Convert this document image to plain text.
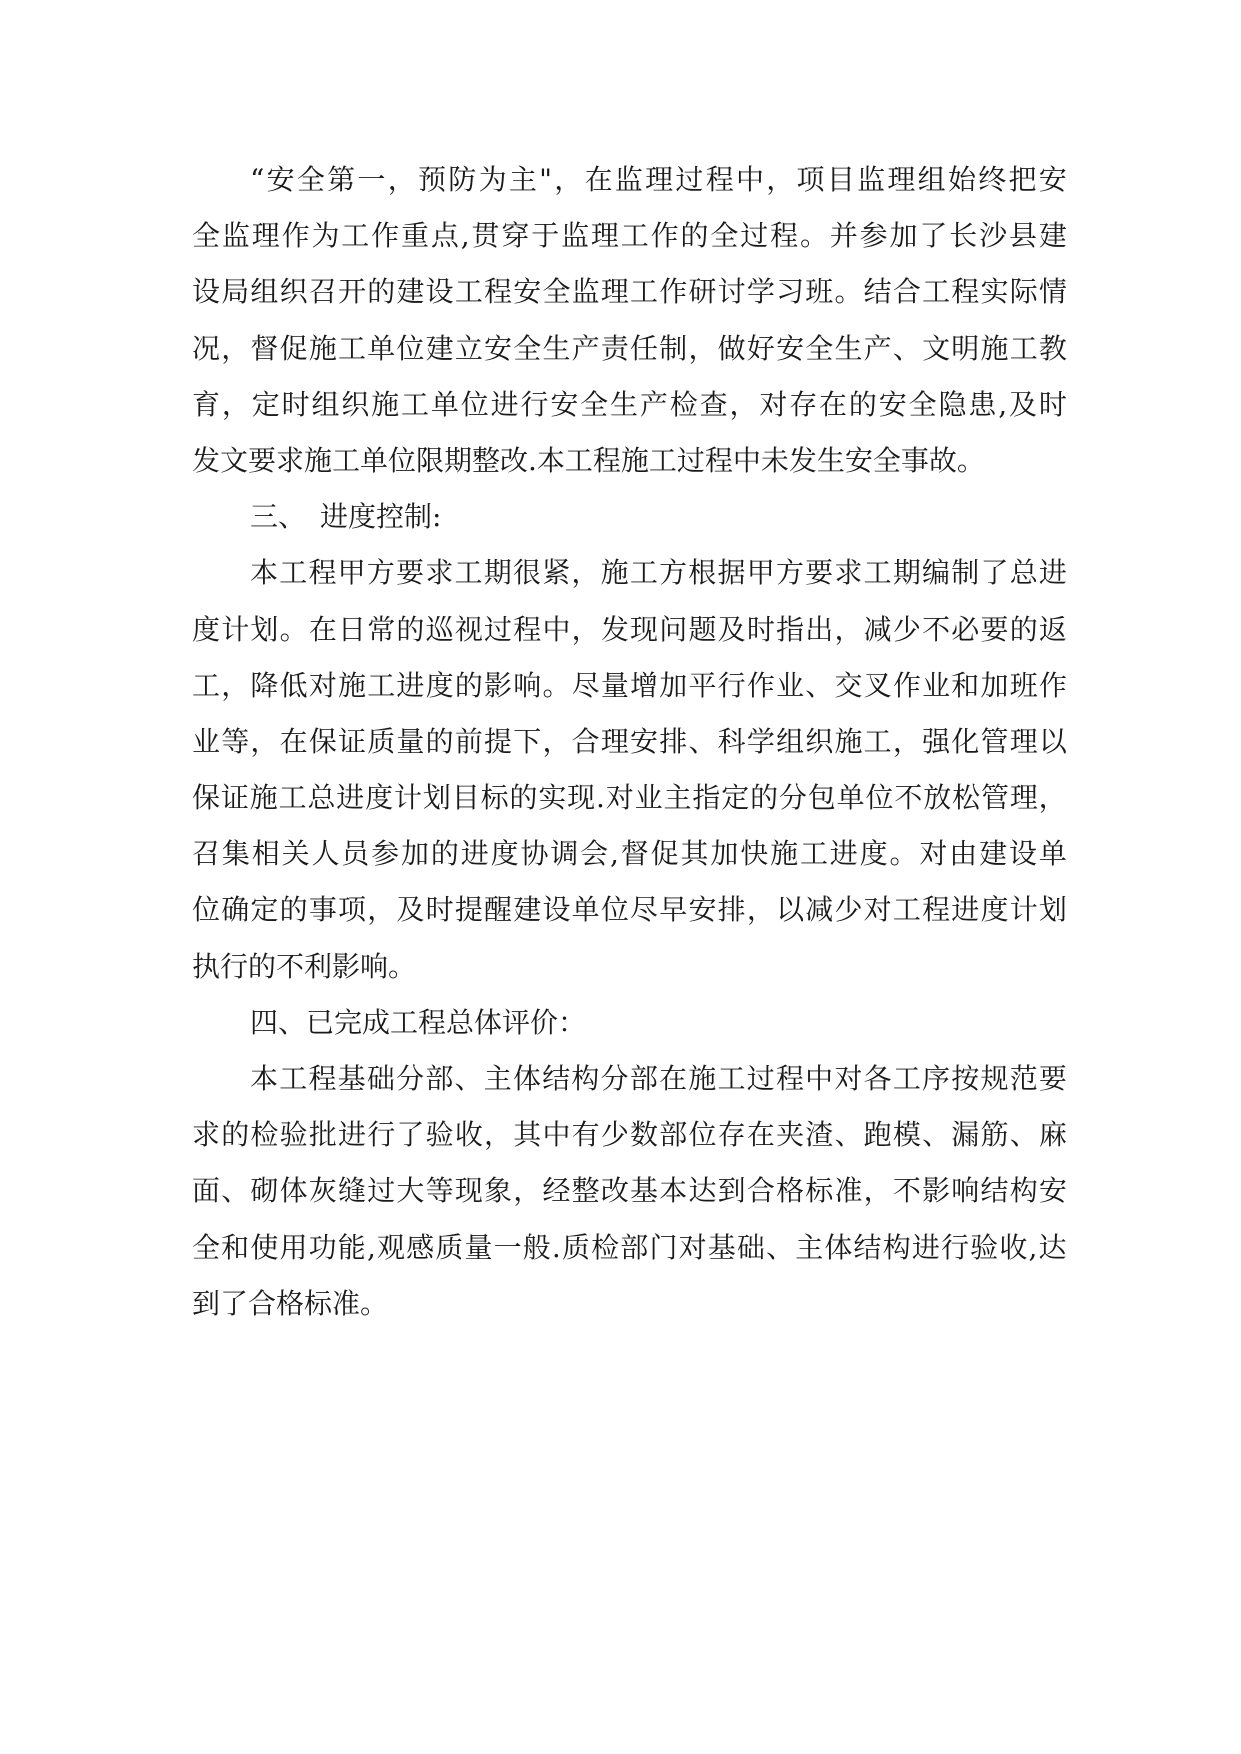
“ 安 全 第 一 ， 预 防 为 主 " ， 在 监 理 过 程 中 ， 项 目 监 理 组 始 终 把 安
全 监 理 作 为 工 作 重 点 , 贯 穿 于 监 理 工 作 的 全 过 程 。 并 参 加 了 长 沙 县 建
设 局 组 织 召 开 的 建 设 工 程 安 全 监 理 工 作 研 讨 学 习 班 。 结 合 工 程 实 际 情
况 ， 督 促 施 工 单 位 建 立 安 全 生 产 责 任 制 ， 做 好 安 全 生 产 、 文 明 施 工 教
育 ， 定 时 组 织 施 工 单 位 进 行 安 全 生 产 检 查 ， 对 存 在 的 安 全 隐 患 , 及 时
发文要求施工单位限期整改.本工程施工过程中未发生安全事故。
三、　进度控制:
本 工 程 甲 方 要 求 工 期 很 紧 ， 施 工 方 根 据 甲 方 要 求 工 期 编 制 了 总 进
度 计 划 。 在 日 常 的 巡 视 过 程 中 ， 发 现 问 题 及 时 指 出 ， 减 少 不 必 要 的 返
工 ， 降 低 对 施 工 进 度 的 影 响 。 尽 量 增 加 平 行 作 业 、 交 叉 作 业 和 加 班 作
业 等 ， 在 保 证 质 量 的 前 提 下 ， 合 理 安 排 、 科 学 组 织 施 工 ， 强 化 管 理 以
保 证 施 工 总 进 度 计 划 目 标 的 实 现 . 对 业 主 指 定 的 分 包 单 位 不 放 松 管 理 ，
召 集 相 关 人 员 参 加 的 进 度 协 调 会 , 督 促 其 加 快 施 工 进 度 。 对 由 建 设 单
位 确 定 的 事 项 ， 及 时 提 醒 建 设 单 位 尽 早 安 排 ， 以 减 少 对 工 程 进 度 计 划
执行的不利影响。
四、已完成工程总体评价：
本 工 程 基 础 分 部 、 主 体 结 构 分 部 在 施 工 过 程 中 对 各 工 序 按 规 范 要
求 的 检 验 批 进 行 了 验 收 ， 其 中 有 少 数 部 位 存 在 夹 渣 、 跑 模 、 漏 筋 、 麻
面 、 砌 体 灰 缝 过 大 等 现 象 ， 经 整 改 基 本 达 到 合 格 标 准 ， 不 影 响 结 构 安
全 和 使 用 功 能 , 观 感 质 量 一 般 . 质 检 部 门 对 基 础 、 主 体 结 构 进 行 验 收 , 达
到了合格标准。
